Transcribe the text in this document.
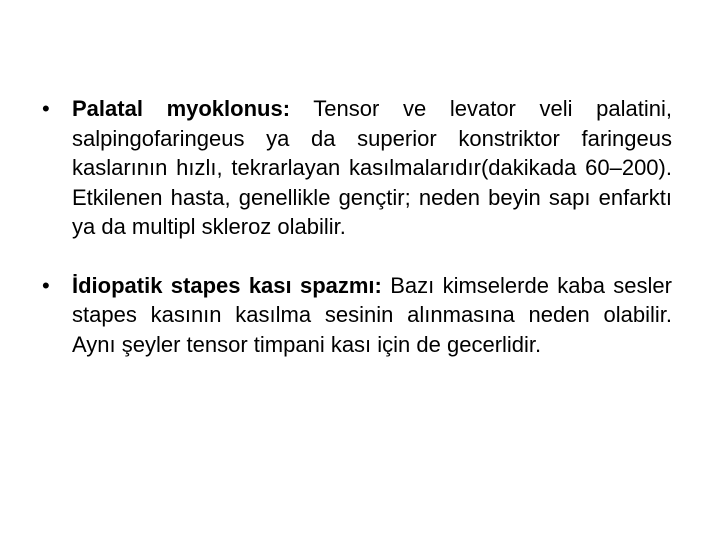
• Palatal myoklonus: Tensor ve levator veli palatini, salpingofaringeus ya da superior konstriktor faringeus kaslarının hızlı, tekrarlayan kasılmalarıdır(dakikada 60–200). Etkilenen hasta, genellikle gençtir; neden beyin sapı enfarktı ya da multipl skleroz olabilir.
• İdiopatik stapes kası spazmı: Bazı kimselerde kaba sesler stapes kasının kasılma sesinin alınmasına neden olabilir. Aynı şeyler tensor timpani kası için de gecerlidir.
